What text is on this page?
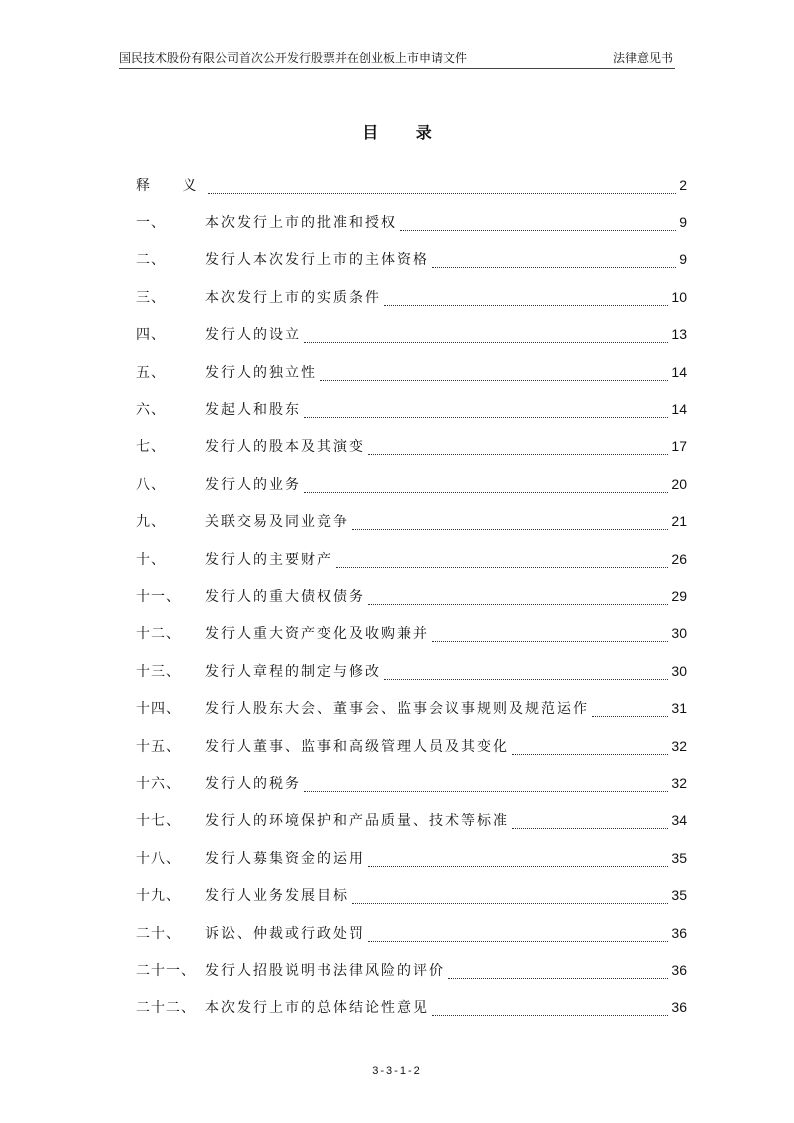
国民技术股份有限公司首次公开发行股票并在创业板上市申请文件	法律意见书
目 录
释 义	2
一、	本次发行上市的批准和授权	9
二、	发行人本次发行上市的主体资格	9
三、	本次发行上市的实质条件	10
四、	发行人的设立	13
五、	发行人的独立性	14
六、	发起人和股东	14
七、	发行人的股本及其演变	17
八、	发行人的业务	20
九、	关联交易及同业竞争	21
十、	发行人的主要财产	26
十一、	发行人的重大债权债务	29
十二、	发行人重大资产变化及收购兼并	30
十三、	发行人章程的制定与修改	30
十四、	发行人股东大会、董事会、监事会议事规则及规范运作	31
十五、	发行人董事、监事和高级管理人员及其变化	32
十六、	发行人的税务	32
十七、	发行人的环境保护和产品质量、技术等标准	34
十八、	发行人募集资金的运用	35
十九、	发行人业务发展目标	35
二十、	诉讼、仲裁或行政处罚	36
二十一、 发行人招股说明书法律风险的评价	36
二十二、 本次发行上市的总体结论性意见	36
3-3-1-2
